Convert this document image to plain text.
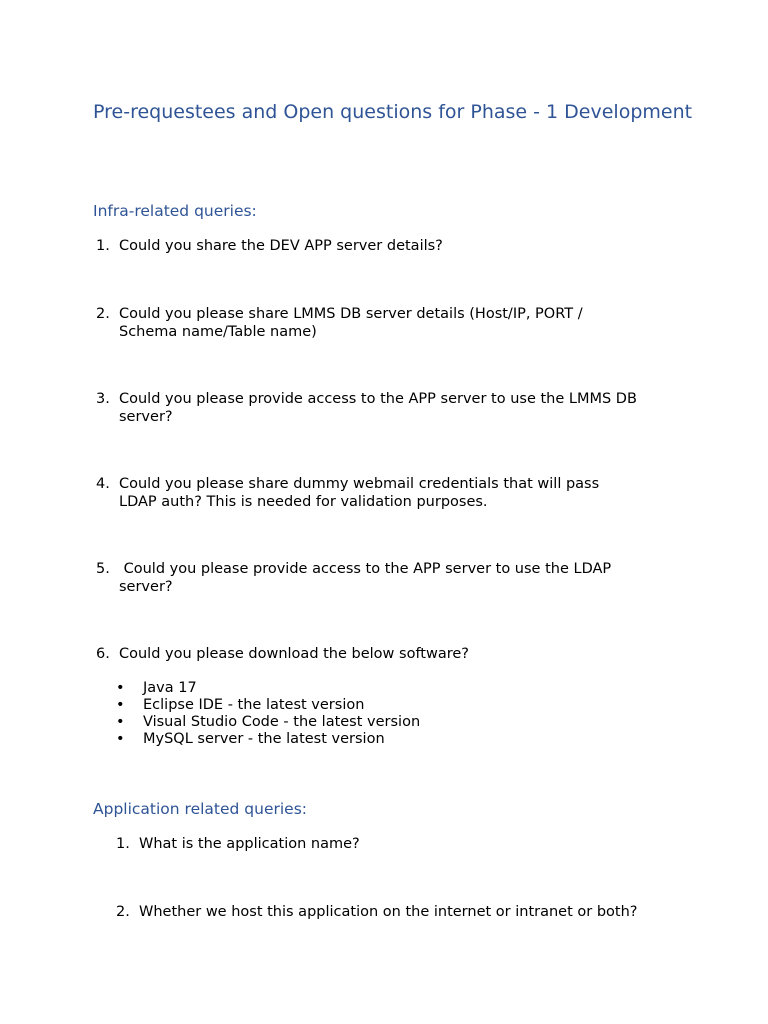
Pre-requestees and Open questions for Phase - 1 Development
Infra-related queries:
1. Could you share the DEV APP server details?
2. Could you please share LMMS DB server details (Host/IP, PORT /
Schema name/Table name)
3. Could you please provide access to the APP server to use the LMMS DB
server?
4. Could you please share dummy webmail credentials that will pass
LDAP auth? This is needed for validation purposes.
5. Could you please provide access to the APP server to use the LDAP
server?
6. Could you please download the below software?
• Java 17
• Eclipse IDE - the latest version
• Visual Studio Code - the latest version
• MySQL server - the latest version
Application related queries:
1. What is the application name?
2. Whether we host this application on the internet or intranet or both?
